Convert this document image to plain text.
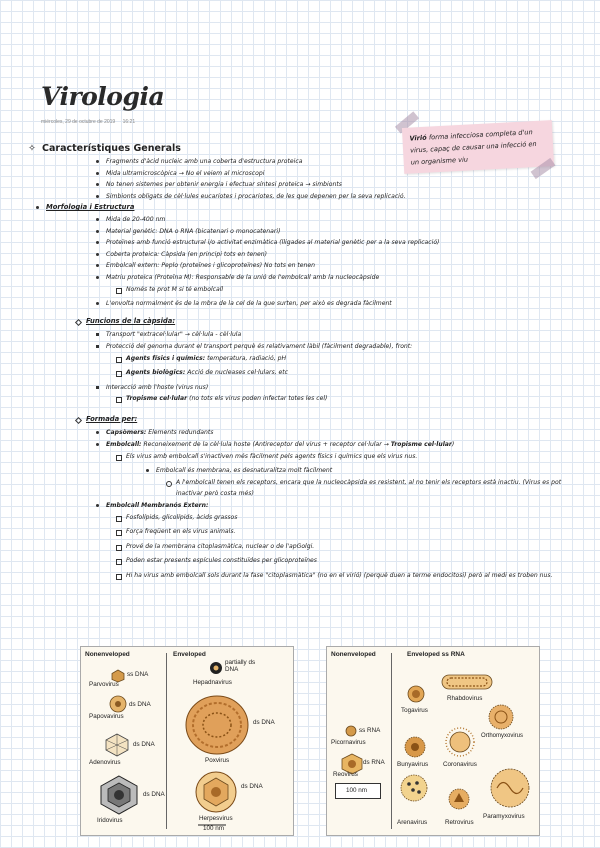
Virologia
miércoles, 29 de octubre de 2019 16:21
Virió forma infecciosa completa d'un virus, capaç de causar una infecció en un organisme viu
✧ Característiques Generals
Fragments d'àcid nucleic amb una coberta d'estructura proteica
Mida ultramicroscòpica → No el veiem al microscopi
No tenen sistemes per obtenir energia i efectuar síntesi proteica → simbionts
Simbionts obligats de cèl·lules eucariotes i procariotes, de les que depenen per la seva replicació.
Morfologia i Estructura
Mida de 20-400 nm
Material genètic: DNA o RNA (bicatenari o monocatenari)
Proteïnes amb funció estructural i/o activitat enzimàtica (lligades al material genètic per a la seva replicació)
Coberta proteica: Càpsida (en principi tots en tenen)
Embolcall extern: Peplo (proteïnes i glicoproteïnes) No tots en tenen
Matriu proteica (Proteïna M): Responsable de la unió de l'embolcall amb la nucleocàpside
Només te prot M si té embolcall
L'envolta normalment és de la mbra de la cel de la que surten, per això es degrada fàcilment
Funcions de la càpsida:
Transport "extracel·lular" → cèl·lula - cèl·lula
Protecció del genoma durant el transport perquè és relativament làbil (fàcilment degradable), front:
Agents físics i químics:
temperatura, radiació, pH
Agents biològics:
Acció de nucleases cel·lulars, etc
Interacció amb l'hoste (virus nus)
Tropisme cel·lular
(no tots els virus poden infectar totes les cel)
Formada per:
Capsòmers:
Elements redundants
Embolcall:
Reconeixement de la cèl·lula hoste (Antireceptor del virus + receptor cel·lular →
Tropisme cel·lular )
Els virus amb embolcall s'inactiven més fàcilment pels agents físics i químics que els virus nus.
Embolcall és membrana, es desnaturalitza molt fàcilment
A l'embolcall tenen els receptors, encara que la nucleocàpsida es resistent, al no tenir els receptors està inactiu. (Virus es pot inactivar però costa més)
Embolcall Membranós Extern:
Fosfolípids, glicolípids, àcids grassos
Força freqüent en els virus animals.
Prové de la membrana citoplasmàtica, nuclear o de l'apGolgi.
Poden estar presents espícules constituïdes per glicoproteïnes
Hi ha virus amb embolcall sols durant la fase "citoplasmàtica" (no en el virió) (perquè duen a terme endocitosi) però al medi es troben nus.
Nonenveloped	Enveloped
ss DNA
Parvovirus
ds DNA
Papovavirus
ds DNA
Adenovirus
ds DNA
Iridovirus
partially ds DNA
Hepadnavirus
ds DNA
Poxvirus
ds DNA
Herpesvirus
100 nm
Nonenveloped	Enveloped ss RNA
ss RNA
Picornavirus
ds RNA
Reovirus
100 nm
Togavirus
Rhabdovirus
Orthomyxovirus
Bunyavirus Coronavirus
Arenavirus	Retrovirus
Paramyxovirus
